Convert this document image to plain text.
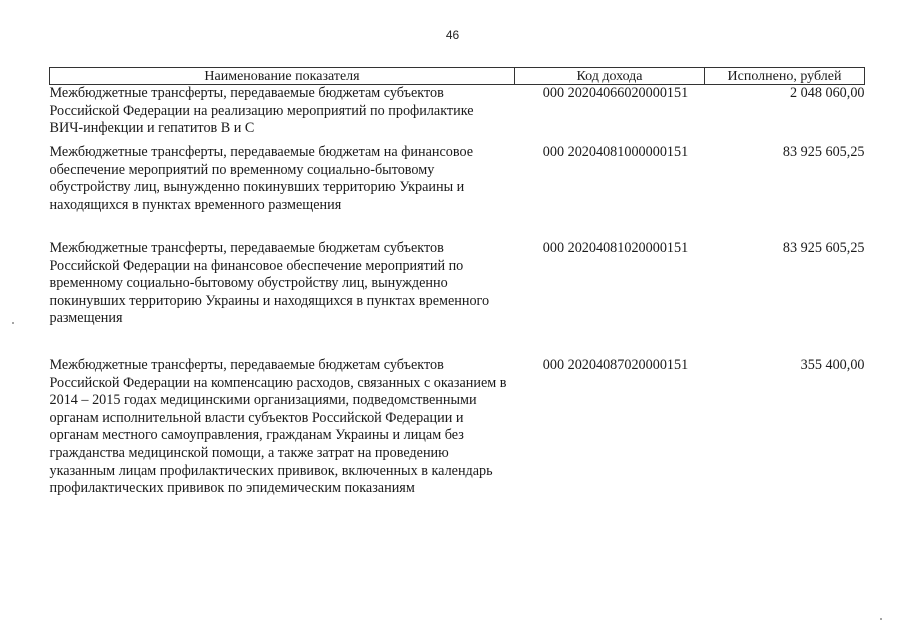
46
Наименование показателя	Код дохода	Исполнено, рублей
Межбюджетные трансферты, передаваемые бюджетам субъектов Российской Федерации на реализацию мероприятий по профилактике ВИЧ-инфекции и гепатитов В и С	000 20204066020000151	2 048 060,00
Межбюджетные трансферты, передаваемые бюджетам на финансовое обеспечение мероприятий по временному социально-бытовому обустройству лиц, вынужденно покинувших территорию Украины и находящихся в пунктах временного размещения	000 20204081000000151	83 925 605,25
Межбюджетные трансферты, передаваемые бюджетам субъектов Российской Федерации на финансовое обеспечение мероприятий по временному социально-бытовому обустройству лиц, вынужденно покинувших территорию Украины и находящихся в пунктах временного размещения	000 20204081020000151	83 925 605,25
Межбюджетные трансферты, передаваемые бюджетам субъектов Российской Федерации на компенсацию расходов, связанных с оказанием в 2014 – 2015 годах медицинскими организациями, подведомственными органам исполнительной власти субъектов Российской Федерации и органам местного самоуправления, гражданам Украины и лицам без гражданства медицинской помощи, а также затрат на проведению указанным лицам профилактических прививок, включенных в календарь профилактических прививок по эпидемическим показаниям	000 20204087020000151	355 400,00
